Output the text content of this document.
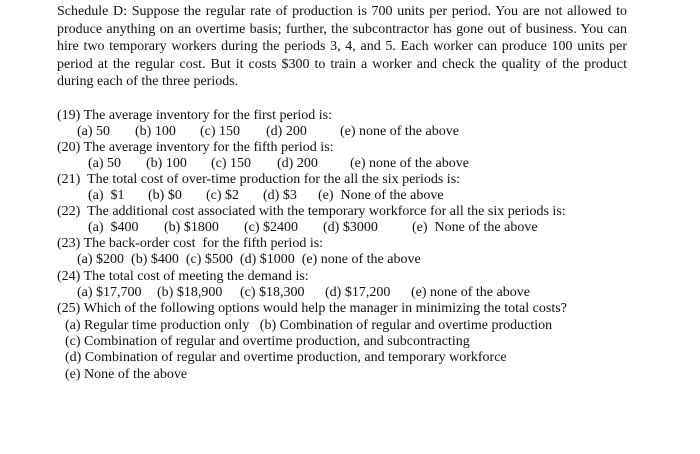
Schedule D: Suppose the regular rate of production is 700 units per period. You are not allowed to produce anything on an overtime basis; further, the subcontractor has gone out of business. You can hire two temporary workers during the periods 3, 4, and 5. Each worker can produce 100 units per period at the regular cost. But it costs $300 to train a worker and check the quality of the product during each of the three periods.
(19) The average inventory for the first period is:

(a) 50

(b) 100

(c) 150

(d) 200

(e) none of the above

(20) The average inventory for the fifth period is:

(a) 50

(b) 100

(c) 150

(d) 200

(e) none of the above

(21)  The total cost of over-time production for the all the six periods is:

(a)  $1

(b) $0

(c) $2

(d) $3

(e)  None of the above

(22)  The additional cost associated with the temporary workforce for all the six periods is:

(a)  $400

(b) $1800

(c) $2400

(d) $3000

(e)  None of the above

(23) The back-order cost  for the fifth period is:
(a) $200  (b) $400  (c) $500  (d) $1000  (e) none of the above
(24) The total cost of meeting the demand is:

(a) $17,700

(b) $18,900

(c) $18,300

(d) $17,200

(e) none of the above

(25) Which of the following options would help the manager in minimizing the total costs?
(a) Regular time production only   (b) Combination of regular and overtime production
(c) Combination of regular and overtime production, and subcontracting
(d) Combination of regular and overtime production, and temporary workforce
(e) None of the above
